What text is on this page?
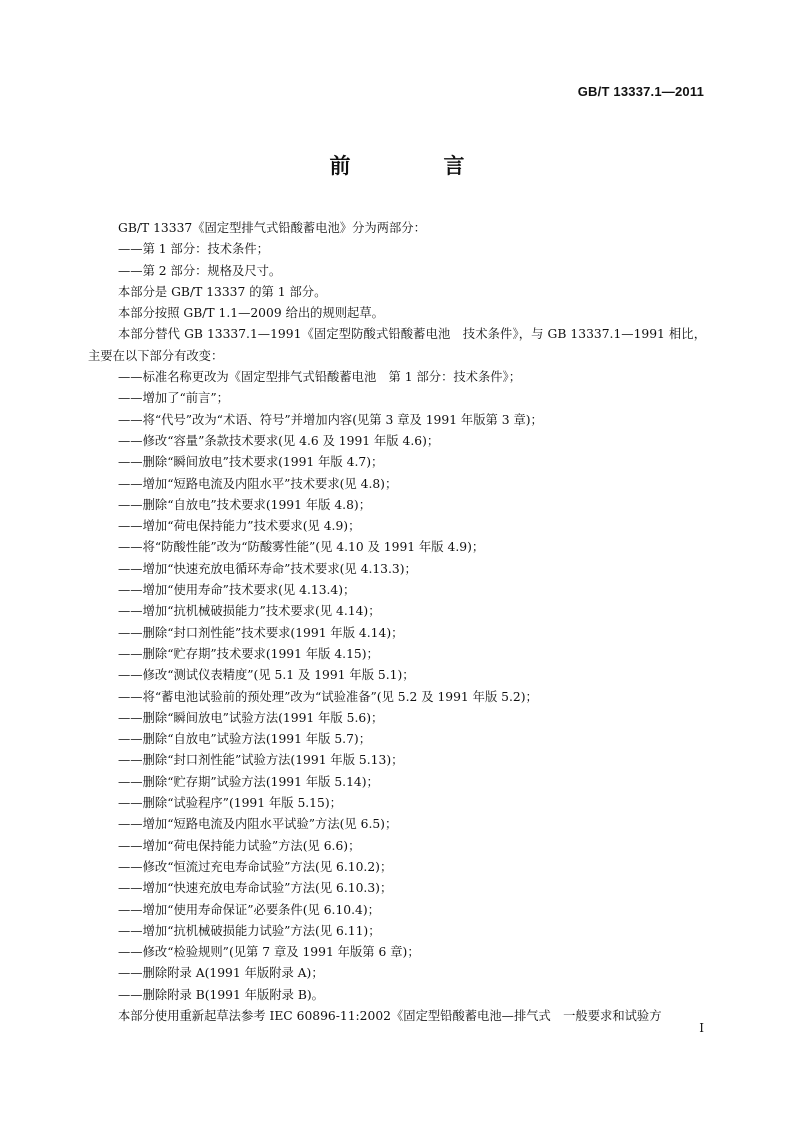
GB/T 13337.1—2011
前　言

GB/T 13337《固定型排气式铅酸蓄电池》分为两部分：

——第 1 部分：技术条件；

——第 2 部分：规格及尺寸。

本部分是 GB/T 13337 的第 1 部分。

本部分按照 GB/T 1.1—2009 给出的规则起草。

本部分替代 GB 13337.1—1991《固定型防酸式铅酸蓄电池　技术条件》，与 GB 13337.1—1991 相比，主要在以下部分有改变：

——标准名称更改为《固定型排气式铅酸蓄电池　第 1 部分：技术条件》；

——增加了“前言”；

——将“代号”改为“术语、符号”并增加内容(见第 3 章及 1991 年版第 3 章)；

——修改“容量”条款技术要求(见 4.6 及 1991 年版 4.6)；

——删除“瞬间放电”技术要求(1991 年版 4.7)；

——增加“短路电流及内阻水平”技术要求(见 4.8)；

——删除“自放电”技术要求(1991 年版 4.8)；

——增加“荷电保持能力”技术要求(见 4.9)；

——将“防酸性能”改为“防酸雾性能”(见 4.10 及 1991 年版 4.9)；

——增加“快速充放电循环寿命”技术要求(见 4.13.3)；

——增加“使用寿命”技术要求(见 4.13.4)；

——增加“抗机械破损能力”技术要求(见 4.14)；

——删除“封口剂性能”技术要求(1991 年版 4.14)；

——删除“贮存期”技术要求(1991 年版 4.15)；

——修改“测试仪表精度”(见 5.1 及 1991 年版 5.1)；

——将“蓄电池试验前的预处理”改为“试验准备”(见 5.2 及 1991 年版 5.2)；

——删除“瞬间放电”试验方法(1991 年版 5.6)；

——删除“自放电”试验方法(1991 年版 5.7)；

——删除“封口剂性能”试验方法(1991 年版 5.13)；

——删除“贮存期”试验方法(1991 年版 5.14)；

——删除“试验程序”(1991 年版 5.15)；

——增加“短路电流及内阻水平试验”方法(见 6.5)；

——增加“荷电保持能力试验”方法(见 6.6)；

——修改“恒流过充电寿命试验”方法(见 6.10.2)；

——增加“快速充放电寿命试验”方法(见 6.10.3)；

——增加“使用寿命保证”必要条件(见 6.10.4)；

——增加“抗机械破损能力试验”方法(见 6.11)；

——修改“检验规则”(见第 7 章及 1991 年版第 6 章)；

——删除附录 A(1991 年版附录 A)；

——删除附录 B(1991 年版附录 B)。

本部分使用重新起草法参考 IEC 60896-11:2002《固定型铅酸蓄电池—排气式　一般要求和试验方

I
